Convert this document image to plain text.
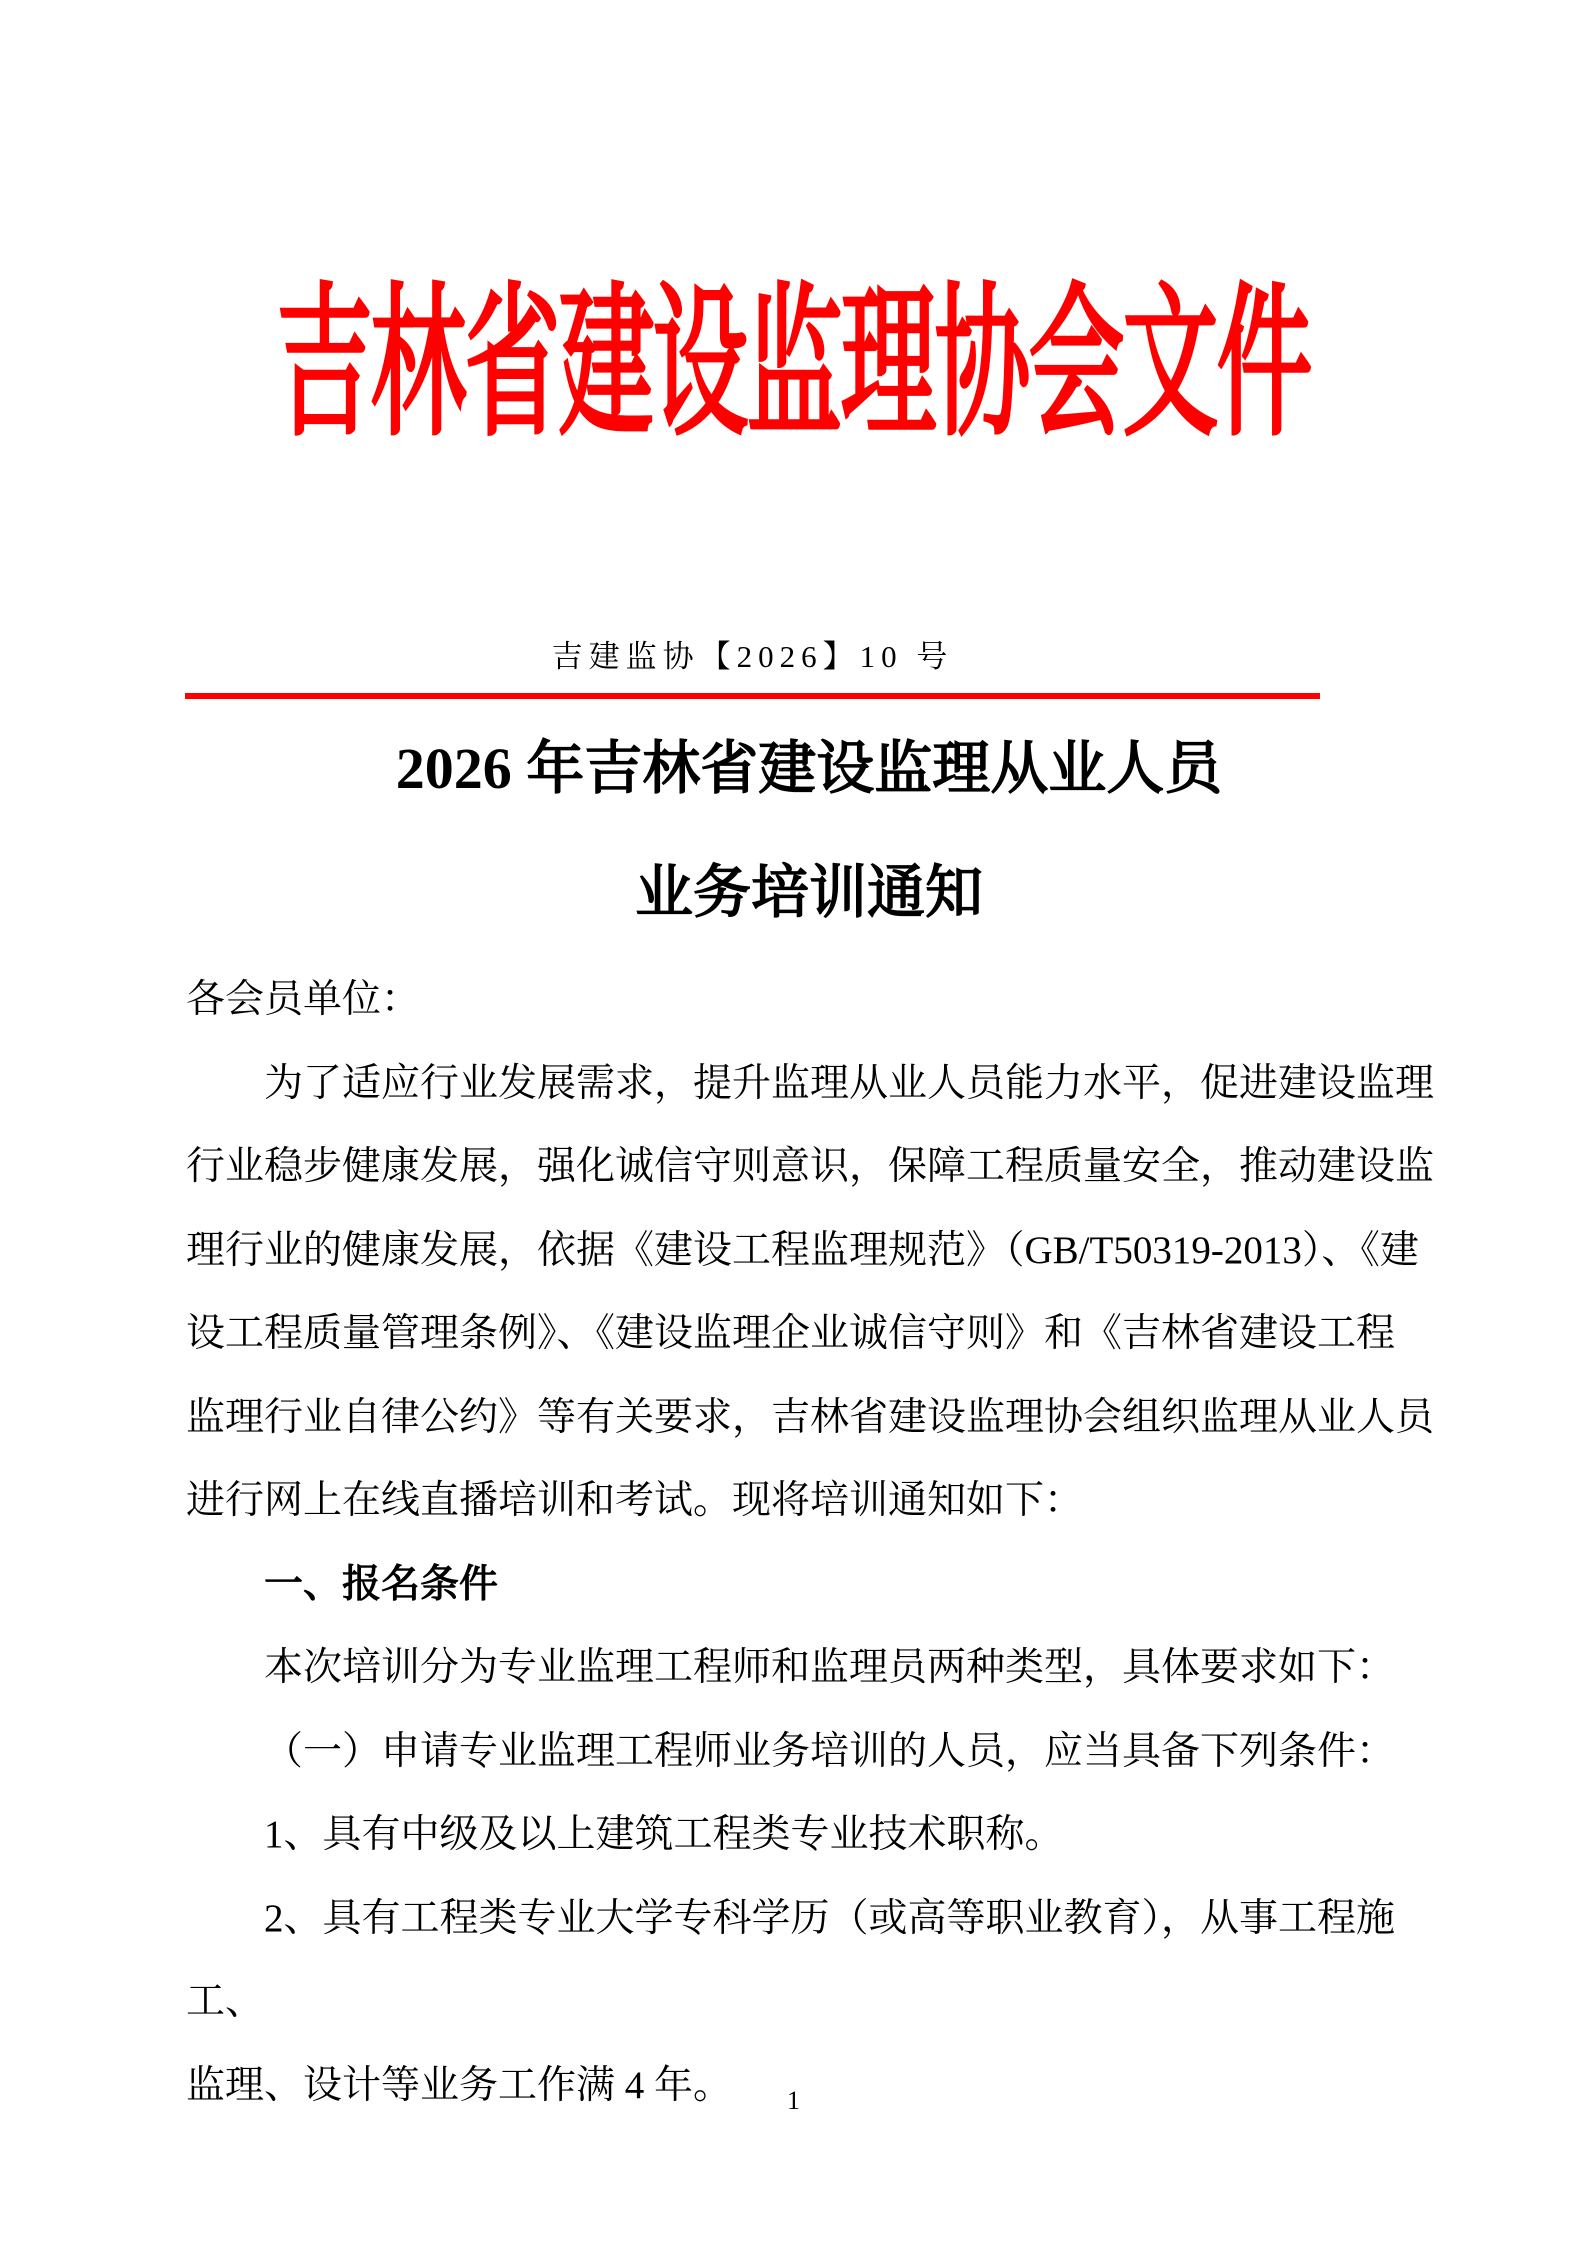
吉林省建设监理协会文件
吉建监协【2026】10 号
2026 年吉林省建设监理从业人员
业务培训通知
各会员单位：
为了适应行业发展需求，提升监理从业人员能力水平，促进建设监理
行业稳步健康发展，强化诚信守则意识，保障工程质量安全，推动建设监
理行业的健康发展，依据《建设工程监理规范》（GB/T50319-2013）、《建
设工程质量管理条例》、《建设监理企业诚信守则》和《吉林省建设工程
监理行业自律公约》等有关要求，吉林省建设监理协会组织监理从业人员
进行网上在线直播培训和考试。现将培训通知如下：
一、报名条件
本次培训分为专业监理工程师和监理员两种类型，具体要求如下：
（一）申请专业监理工程师业务培训的人员，应当具备下列条件：
1、具有中级及以上建筑工程类专业技术职称。
2、具有工程类专业大学专科学历（或高等职业教育），从事工程施工、
监理、设计等业务工作满 4 年。	1
